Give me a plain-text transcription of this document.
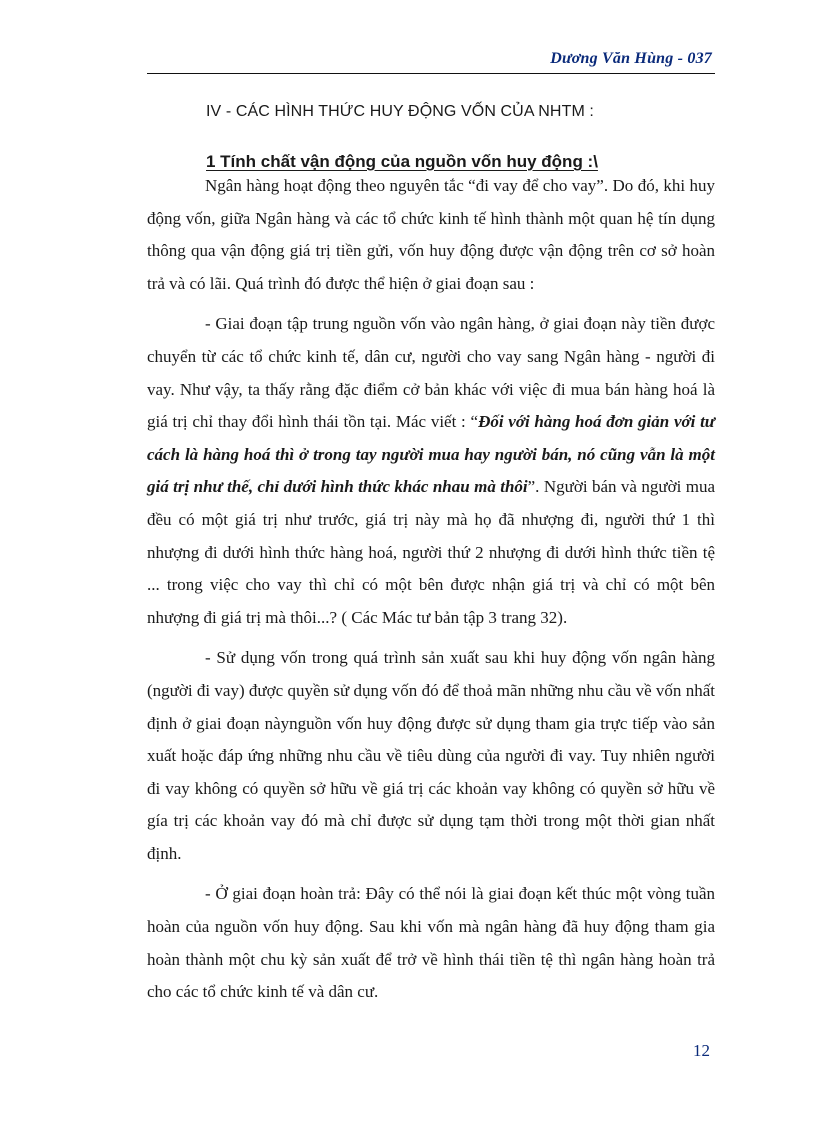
Dương Văn Hùng - 037
IV - CÁC HÌNH THỨC HUY ĐỘNG VỐN CỦA NHTM :
1 Tính chất vận động của nguồn vốn huy động :\

Ngân hàng hoạt động theo nguyên tắc “đi vay để cho vay”. Do đó, khi huy động vốn, giữa Ngân hàng và các tổ chức kinh tế hình thành một quan hệ tín dụng thông qua vận động giá trị tiền gửi, vốn huy động được vận động trên cơ sở hoàn trả và có lãi. Quá trình đó được thể hiện ở giai đoạn sau :

- Giai đoạn tập trung nguồn vốn vào ngân hàng, ở giai đoạn này tiền được chuyển từ các tổ chức kinh tế, dân cư, người cho vay sang Ngân hàng - người đi vay. Như vậy, ta thấy rằng đặc điểm cở bản khác với việc đi mua bán hàng hoá là giá trị chỉ thay đổi hình thái tồn tại. Mác viết : “Đối với hàng hoá đơn giản với tư cách là hàng hoá thì ở trong tay người mua hay người bán, nó cũng vẫn là một giá trị như thế, chỉ dưới hình thức khác nhau mà thôi”. Người bán và người mua đều có một giá trị như trước, giá trị này mà họ đã nhượng đi, người thứ 1 thì nhượng đi dưới hình thức hàng hoá, người thứ 2 nhượng đi dưới hình thức tiền tệ ... trong việc cho vay thì chỉ có một bên được nhận giá trị và chỉ có một bên nhượng đi giá trị mà thôi...? ( Các Mác tư bản tập 3 trang 32).

- Sử dụng vốn trong quá trình sản xuất sau khi huy động vốn ngân hàng (người đi vay) được quyền sử dụng vốn đó để thoả mãn những nhu cầu về vốn nhất định ở giai đoạn nàynguồn vốn huy động được sử dụng tham gia trực tiếp vào sản xuất hoặc đáp ứng những nhu cầu về tiêu dùng của người đi vay. Tuy nhiên người đi vay không có quyền sở hữu về giá trị các khoản vay không có quyền sở hữu về gía trị các khoản vay đó mà chỉ được sử dụng tạm thời trong một thời gian nhất định.

- Ở giai đoạn hoàn trả: Đây có thể nói là giai đoạn kết thúc một vòng tuần hoàn của nguồn vốn huy động. Sau khi vốn mà ngân hàng đã huy động tham gia hoàn thành một chu kỳ sản xuất để trở về hình thái tiền tệ thì ngân hàng hoàn trả cho các tổ chức kinh tế và dân cư.

12
